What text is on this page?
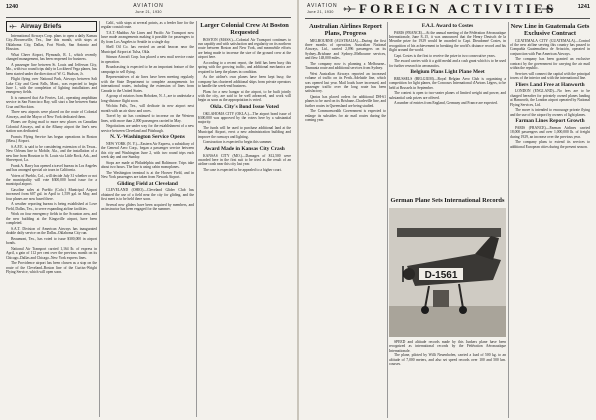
1240	AVIATION
June 21, 1930
Airway Briefs

International Airways Corp. plans to open a daily Kansas City–Brownsville, Tex., line this month, with stops at Oklahoma City, Dallas, Fort Worth, San Antonio and Houston.

What Cheer Airport, Plymouth, R. I., which recently changed management, has been reopened for business.

A passenger line between St. Louis and Jefferson City, Mo., with two round trips daily in Lockheed Vega planes, has been started under the direction of W. G. Hudson, Jr.

Flight flying over National Park, Airways between Salt Lake City and Great Falls, Mont., was expected to begin June 1, with the completion of lighting installations and emergency fields.

It is rumored that Air Ferries, Ltd., operating amphibian service in San Francisco Bay, will start a line between Santa Cruz and Stockton.

Three new airports were placed on the route of Colonial Airways, and the Mayor of New York dedicated them.

Planes are flying mail to more new places on Canadian Colonial Airways, and at the Albany airport the line's new station was dedicated.

Francis Flying Service has begun operations in Boston (Mass.) Airport.

S.A.F.E. is said to be considering extension of its Texas–New Orleans line to Mobile, Ala., and the installation of a new line from Houston to St. Louis via Little Rock, Ark., and Shreveport, La.

Frank A. Barry has opened a travel bureau in Los Angeles and has arranged special air tours in California.

Voters of Pueblo, Col., will decide July 31 whether or not the municipality will vote $300,000 bond issue for a municipal airport.

Gasoline sales at Pueblo (Colo.) Municipal Airport increased from 607 gal. in April to 1,559 gal. in May, and four planes are now based there.

A weather reporting bureau is being established at Love Field, Dallas, Tex., to serve expanding airline facilities.

Work on four emergency fields in the Scranton area, and the new building at the Kingsville airport, have been completed.

S.A.T. Division of American Airways has inaugurated double daily service on the Dallas–Oklahoma City run.

Beaumont, Tex., has voted to issue $300,000 in airport bonds.

National Air Transport carried 1,164 lb. of express in April, a gain of 112 per cent over the previous month on its Chicago–Dallas and Chicago–New York express lines.

The Providence airport has been chosen as a stop on the route of the Cleveland–Boston line of the Curtiss-Wright Flying Service, which will open soon.

Calif., with stops at several points, as a feeder line for the regular coastal route.

T.A.T.-Maddux Air Lines and Pacific Air Transport now have made arrangements making it possible for passengers to fly from Los Angeles to Seattle in a single day.

Shell Oil Co. has erected an aerial beacon near the Municipal Airport at Tulsa, Okla.

Stinson Aircraft Corp. has placed a new mail service route in operation.

Broadcasting is expected to be an important feature of the campaign to sell flying.

Representatives of air lines have been meeting regularly with the State Department to complete arrangements for international routes, including the extension of lines from Canada to the United States.

A group of aviators from Hoboken, N. J., are to undertake a long-distance flight soon.

Wichita Falls, Tex., will dedicate its new airport next month with an air show and races.

Travel by air has continued to increase on the Western lines, with more than 2,000 passengers carried in May.

Negotiations are under way for the establishment of a new service between Cleveland and Pittsburgh.

N. Y.-Washington Service Opens

NEW YORK (N. Y.)—Eastern Air Express, a subsidiary of the General Aero Corp., began a passenger service between this city and Washington June 2, with two round trips each week day and one Sunday.

Stops are made at Philadelphia and Baltimore. Trips take about two hours. The line is using cabin monoplanes.

The Washington terminal is at the Hoover Field, and in New York passengers are taken from Newark Airport.

Gliding Field at Cleveland

CLEVELAND (OHIO)—Cleveland Glider Club has obtained the use of a field near the city for gliding, and the first meet is to be held there soon.

Several new gliders have been acquired by members, and an instructor has been engaged for the summer.

Larger Colonial Crew At Boston Requested

BOSTON (MASS.)—Colonial Air Transport continues to run capably and with satisfaction and regularity on its northern route between Boston and New York, and meanwhile efforts are being made to increase the size of the ground crew at the airport here.

According to a recent report, the field has been busy this spring with the growing traffic, and additional mechanics are required to keep the planes in condition.

As the airline's own planes have been kept busy, the company has chartered additional ships from private operators to handle the week-end business.

Plans for a new hangar at the airport, to be built jointly with the city, are said to be well advanced, and work will begin as soon as the appropriation is voted.

Okla. City's Bond Issue Voted

OKLAHOMA CITY (OKLA.)—The airport bond issue of $300,000 was approved by the voters here by a substantial majority.

The funds will be used to purchase additional land at the Municipal Airport, erect a new administration building and improve the runways and lighting.

Construction is expected to begin this summer.

Award Made in Kansas City Crash

KANSAS CITY (MO.)—Damages of $12,500 were awarded here in the first suit to be tried as the result of an airline crash near this city last year.

The case is expected to be appealed to a higher court.

AVIATION
June 21, 1930
1241
FOREIGN ACTIVITIES
Australian Airlines Report Plans, Progress

MELBOURNE (AUSTRALIA)—During the first three months of operation, Australian National Airways, Ltd., carried 2,096 passengers on its Sydney–Brisbane and Sydney–Melbourne services, and flew 148,000 miles.

The company now is planning a Melbourne–Tasmania route and additional services from Sydney.

West Australian Airways reported an increased volume of traffic on its Perth–Adelaide line, which was opened last year. Mail loads have increased, and passenger traffic over the long route has been satisfactory.

Qantas has placed orders for additional DH-61 planes to be used on its Brisbane–Charleville line, and further routes in Queensland are being studied.

The Commonwealth Government is expected to enlarge its subsidies for air mail routes during the coming year.

F.A.I. Award to Costes

PARIS (FRANCE)—At the annual meeting of the Fédération Aéronautique Internationale, June 8–15, it was announced that the Henry Deutsch de la Meurthe prize for 1929 would be awarded to Capt. Dieudonné Costes, in recognition of his achievement in breaking the world's distance record and his flight around the world.

Capt. Costes is the first to receive the prize in two consecutive years.

The award carries with it a gold medal and a cash grant which is to be used for further research in aeronautics.

Belgium Plans Light Plane Meet

BRUSSELS (BELGIUM)—Royal Belgian Aero Club is organizing a competition for light planes, the Concours International d'Avions Légers, to be held at Brussels in September.

The contest is open to two-seater planes of limited weight and power, and substantial cash prizes are offered.

A number of entries from England, Germany and France are expected.

German Plane Sets International Records
D-1561

SPEED and altitude records made by this Junkers plane have been recognized as international records by the Fédération Aéronautique Internationale.

The plane, piloted by Willi Neuenhofen, carried a load of 500 kg. to an altitude of 7,000 meters, and also set speed records over 100 and 500 km. courses.

New Line in Guatemala Gets Exclusive Contract

GUATEMALA CITY (GUATEMALA)—Control of the new airline serving this country has passed to Compañía Guatemalteca de Aviación, operated in conjunction with Pan American Airways.

The company has been granted an exclusive contract by the government for carrying the air mail within the republic.

Services will connect the capital with the principal towns of the interior and with the international line.

Fliers Land Free at Hanworth

LONDON (ENGLAND)—No fees are to be charged hereafter for privately owned planes landing at Hanworth, the London airport operated by National Flying Services, Ltd.

The move is intended to encourage private flying and the use of the airport by owners of light planes.

Farman Lines Report Growth

PARIS (FRANCE)—Farman Airlines carried 18,000 passengers and over 1,000,000 lb. of freight during 1929, an increase over the previous year.

The company plans to extend its services to additional European cities during the present season.
